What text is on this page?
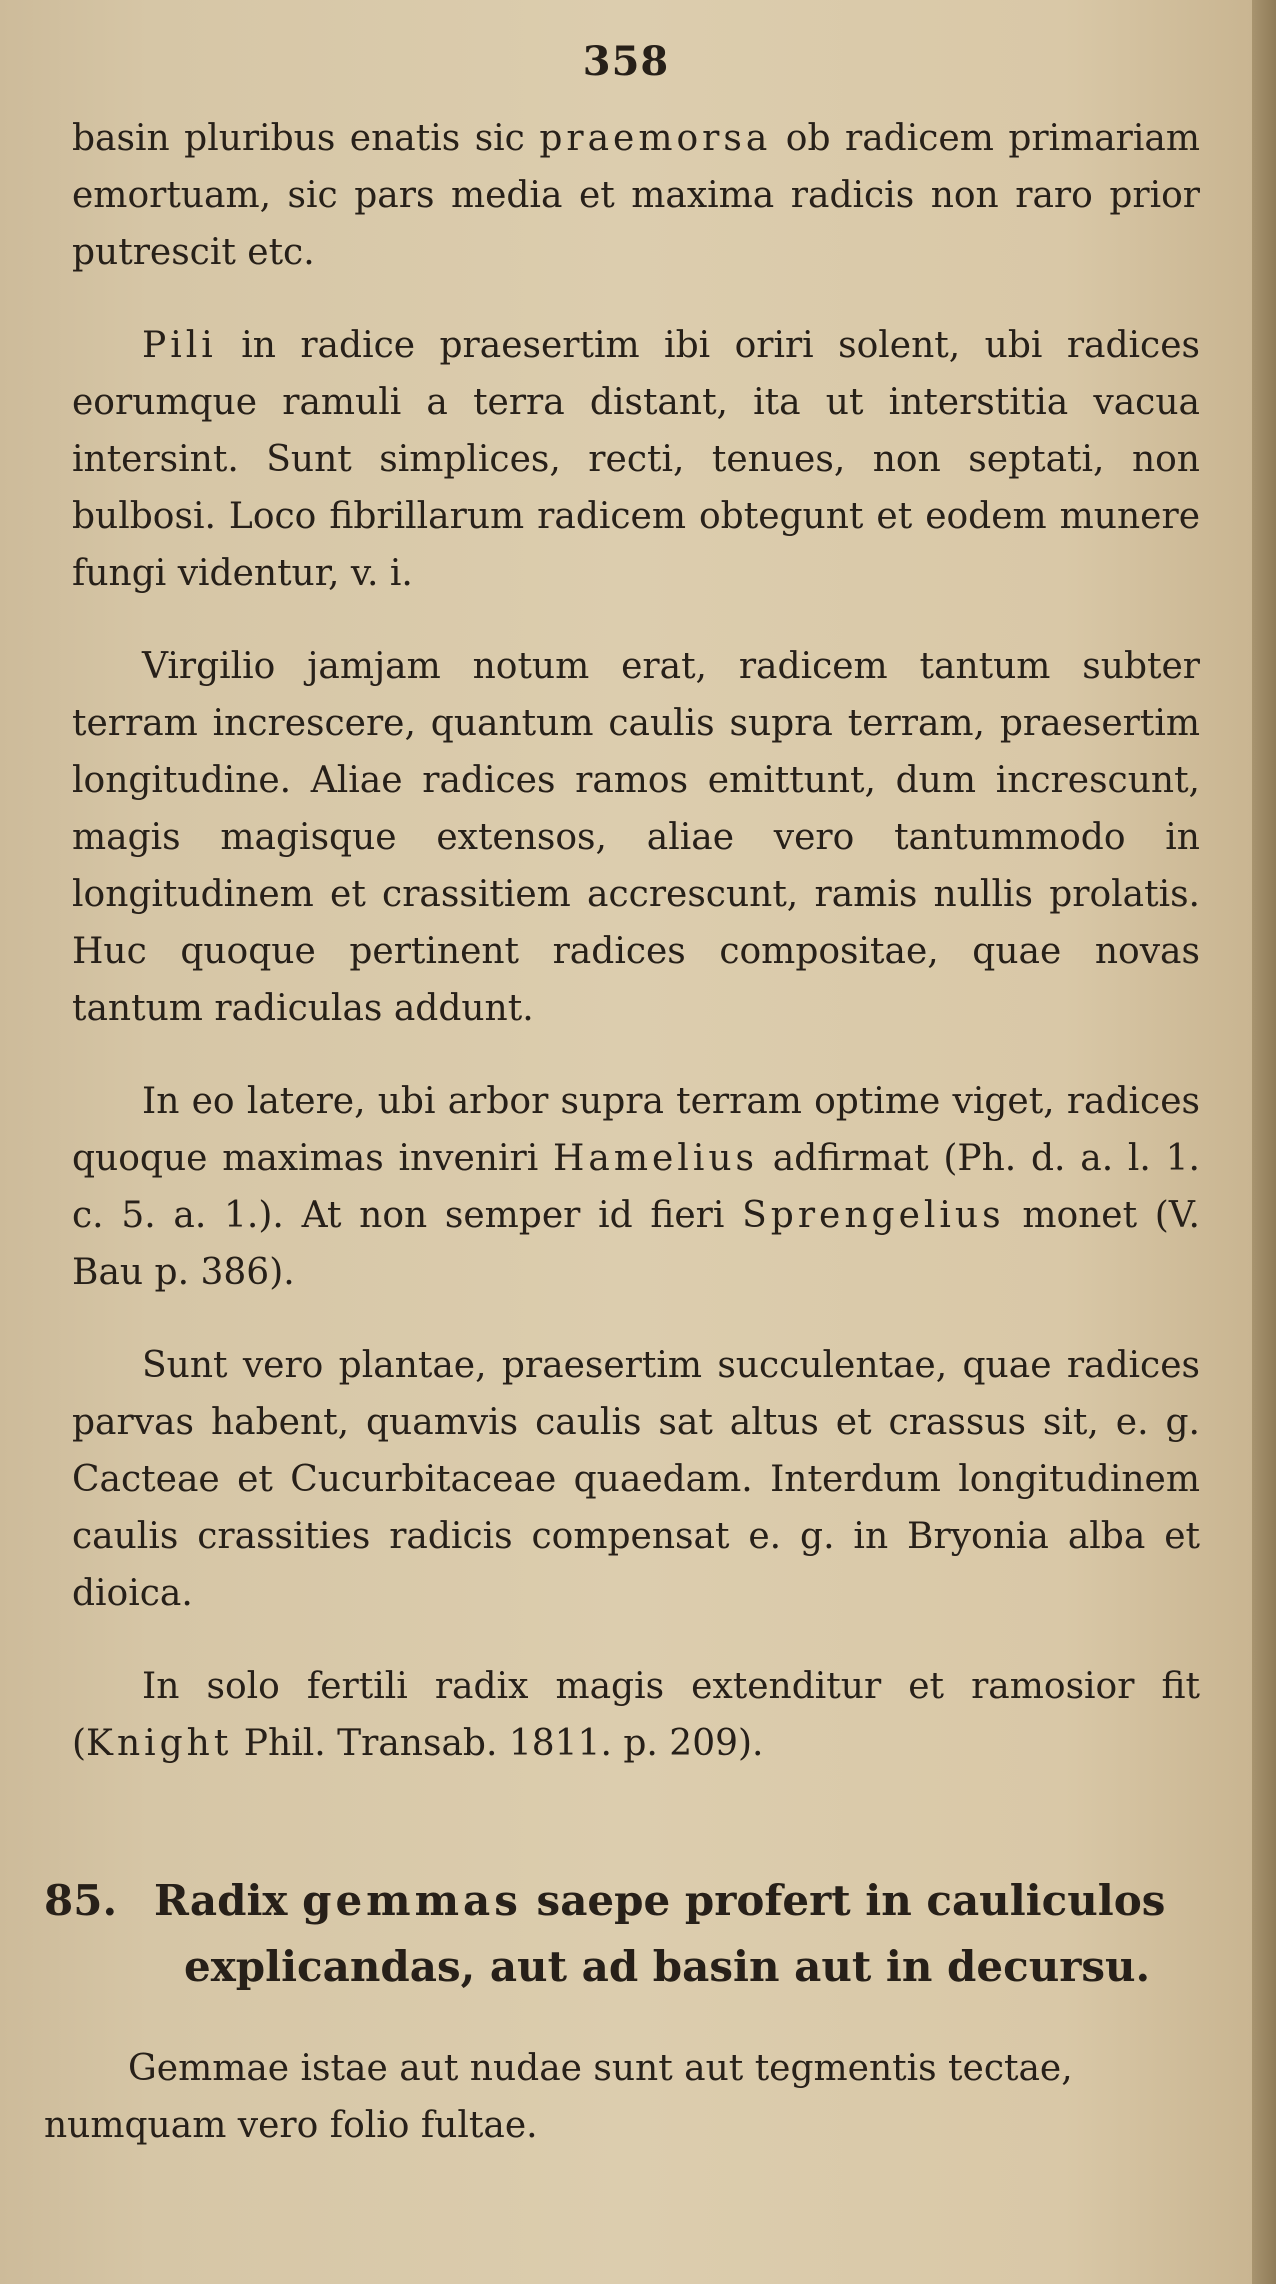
358

basin pluribus enatis sic praemorsa ob radicem primariam emortuam, sic pars media et maxima radicis non raro prior putrescit etc.

Pili in radice praesertim ibi oriri solent, ubi radices eorumque ramuli a terra distant, ita ut interstitia vacua intersint. Sunt simplices, recti, tenues, non septati, non bulbosi. Loco fibrillarum radicem obtegunt et eodem munere fungi videntur, v. i.

Virgilio jamjam notum erat, radicem tantum subter terram increscere, quantum caulis supra terram, praesertim longitudine. Aliae radices ramos emittunt, dum increscunt, magis magisque extensos, aliae vero tantummodo in longitudinem et crassitiem accrescunt, ramis nullis prolatis. Huc quoque pertinent radices compositae, quae novas tantum radiculas addunt.

In eo latere, ubi arbor supra terram optime viget, radices quoque maximas inveniri Hamelius adfirmat (Ph. d. a. l. 1. c. 5. a. 1.). At non semper id fieri Sprengelius monet (V. Bau p. 386).

Sunt vero plantae, praesertim succulentae, quae radices parvas habent, quamvis caulis sat altus et crassus sit, e. g. Cacteae et Cucurbitaceae quaedam. Interdum longitudinem caulis crassities radicis compensat e. g. in Bryonia alba et dioica.

In solo fertili radix magis extenditur et ramosior fit (Knight Phil. Transab. 1811. p. 209).

85. Radix gemmas saepe profert in cauliculos
explicandas, aut ad basin aut in decursu.

Gemmae istae aut nudae sunt aut tegmentis tectae, numquam vero folio fultae.
